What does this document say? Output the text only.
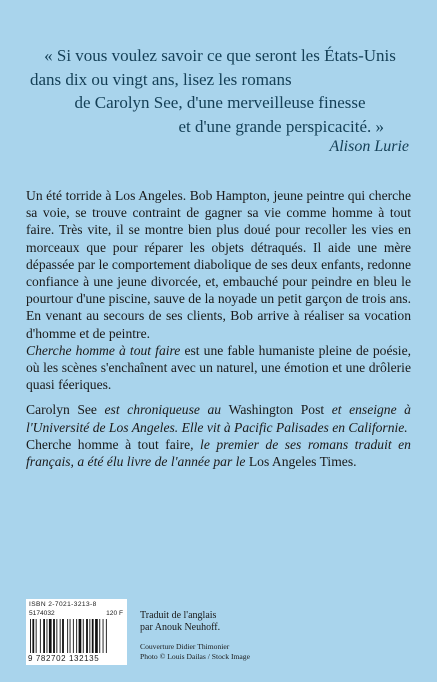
« Si vous voulez savoir ce que seront les États-Unis

dans dix ou vingt ans, lisez les romans

de Carolyn See, d'une merveilleuse finesse

et d'une grande perspicacité. »

Alison Lurie

Un été torride à Los Angeles. Bob Hampton, jeune peintre qui cherche sa voie, se trouve contraint de gagner sa vie comme homme à tout faire. Très vite, il se montre bien plus doué pour recoller les vies en morceaux que pour réparer les objets détraqués. Il aide une mère dépassée par le comportement diabolique de ses deux enfants, redonne confiance à une jeune divorcée, et, embauché pour peindre en bleu le pourtour d'une piscine, sauve de la noyade un petit garçon de trois ans. En venant au secours de ses clients, Bob arrive à réaliser sa vocation d'homme et de peintre.

Cherche homme à tout faire est une fable humaniste pleine de poésie, où les scènes s'enchaînent avec un naturel, une émotion et une drôlerie quasi féeriques.

Carolyn See est chroniqueuse au Washington Post et enseigne à l'Université de Los Angeles. Elle vit à Pacific Palisades en Californie.

Cherche homme à tout faire, le premier de ses romans traduit en français, a été élu livre de l'année par le Los Angeles Times.

ISBN 2-7021-3213-8
5174032	120 F
9 782702 132135
Traduit de l'anglais
par Anouk Neuhoff.
Couverture Didier Thimonier
Photo © Louis Dailas / Stock Image
